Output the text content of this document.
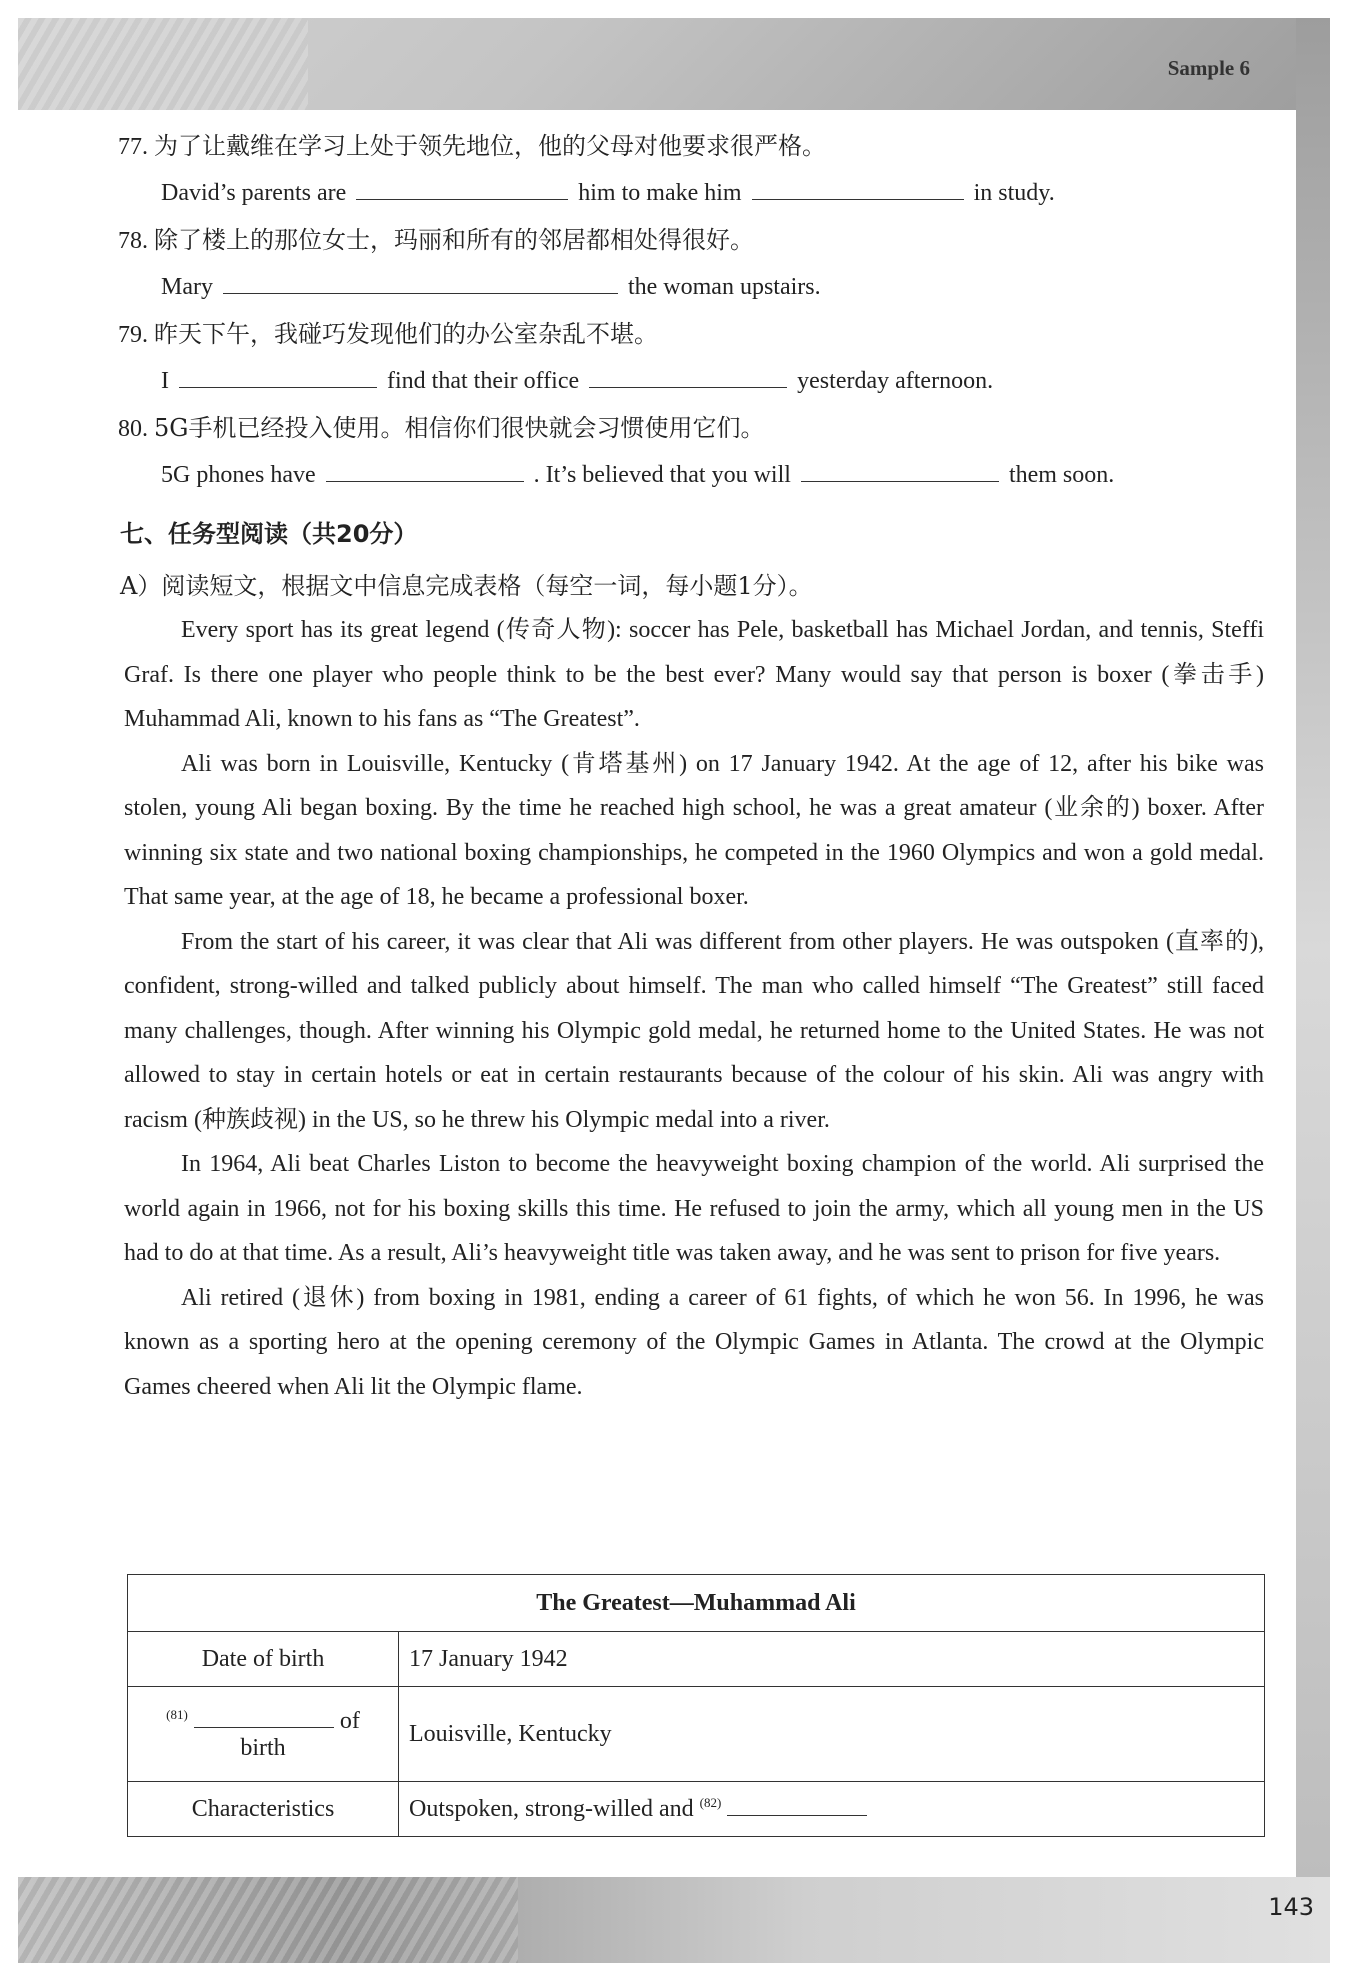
Sample 6
143
77. 为了让戴维在学习上处于领先地位，他的父母对他要求很严格。
David’s parents are	him to make him	in study.
78. 除了楼上的那位女士，玛丽和所有的邻居都相处得很好。
Mary	the woman upstairs.
79. 昨天下午，我碰巧发现他们的办公室杂乱不堪。
I	find that their office	yesterday afternoon.
80. 5G手机已经投入使用。相信你们很快就会习惯使用它们。
5G phones have	. It’s believed that you will	them soon.
七、任务型阅读（共20分）
A）阅读短文，根据文中信息完成表格（每空一词，每小题1分）。

Every sport has its great legend (传奇人物): soccer has Pele, basketball has Michael Jordan, and tennis, Steffi Graf. Is there one player who people think to be the best ever? Many would say that person is boxer (拳击手) Muhammad Ali, known to his fans as “The Greatest”.

Ali was born in Louisville, Kentucky (肯塔基州) on 17 January 1942. At the age of 12, after his bike was stolen, young Ali began boxing. By the time he reached high school, he was a great amateur (业余的) boxer. After winning six state and two national boxing championships, he competed in the 1960 Olympics and won a gold medal. That same year, at the age of 18, he became a professional boxer.

From the start of his career, it was clear that Ali was different from other players. He was outspoken (直率的), confident, strong-willed and talked publicly about himself. The man who called himself “The Greatest” still faced many challenges, though. After winning his Olympic gold medal, he returned home to the United States. He was not allowed to stay in certain hotels or eat in certain restaurants because of the colour of his skin. Ali was angry with racism (种族歧视) in the US, so he threw his Olympic medal into a river.

In 1964, Ali beat Charles Liston to become the heavyweight boxing champion of the world. Ali surprised the world again in 1966, not for his boxing skills this time. He refused to join the army, which all young men in the US had to do at that time. As a result, Ali’s heavyweight title was taken away, and he was sent to prison for five years.

Ali retired (退休) from boxing in 1981, ending a career of 61 fights, of which he won 56. In 1996, he was known as a sporting hero at the opening ceremony of the Olympic Games in Atlanta. The crowd at the Olympic Games cheered when Ali lit the Olympic flame.

The Greatest—Muhammad Ali	
Date of birth	17 January 1942
$^{(81)}$ of
birth	Louisville, Kentucky
Characteristics	Outspoken, strong-willed and $^{(82)}$
